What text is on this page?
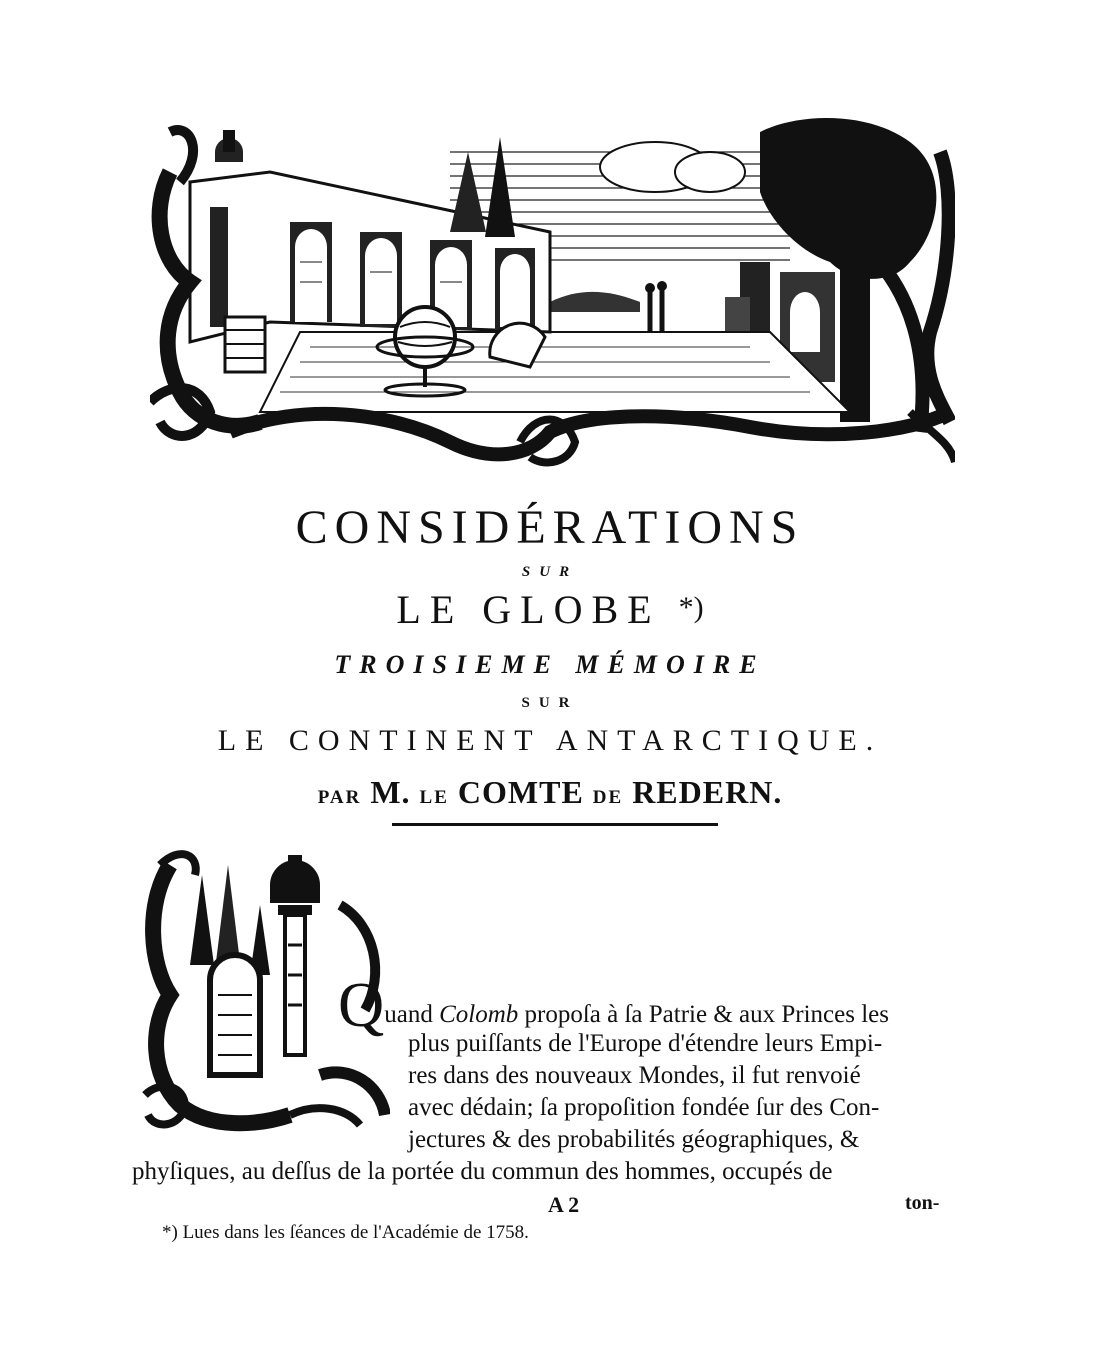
CONSIDÉRATIONS
SUR
LE GLOBE *)
TROISIEME MÉMOIRE
SUR
LE CONTINENT ANTARCTIQUE.
PAR M. LE COMTE DE REDERN.
Quand Colomb propoſa à ſa Patrie & aux Princes les
plus puiſſants de l'Europe d'étendre leurs Empi-
res dans des nouveaux Mondes, il fut renvoié
avec dédain; ſa propoſition fondée ſur des Con-
jectures & des probabilités géographiques, &
phyſiques, au deſſus de la portée du commun des hommes, occupés de
A 2	ton-
*) Lues dans les ſéances de l'Académie de 1758.
